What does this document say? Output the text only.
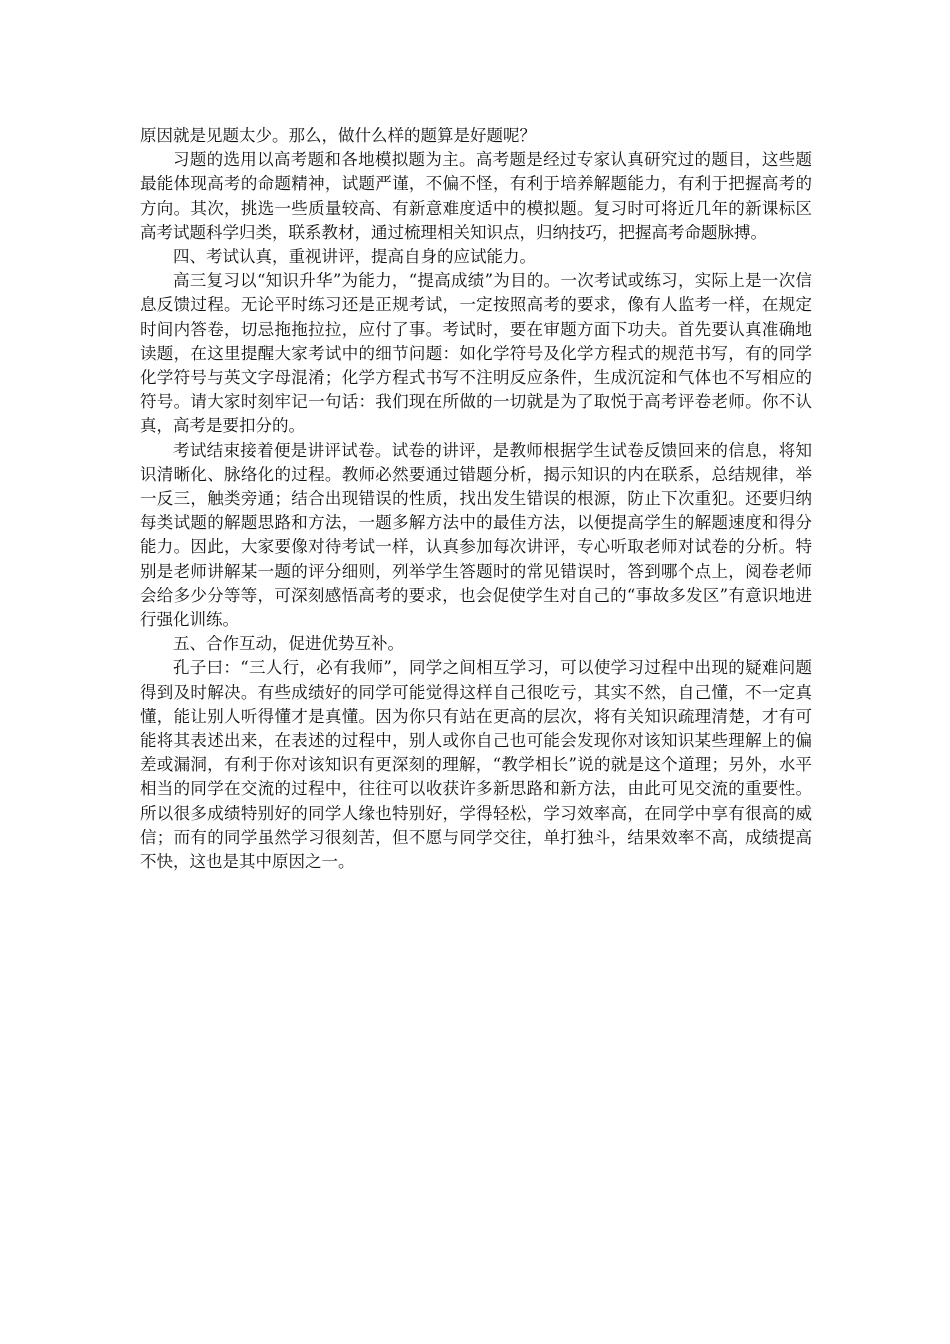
原因就是见题太少。那么，做什么样的题算是好题呢？

习题的选用以高考题和各地模拟题为主。高考题是经过专家认真研究过的题目，这些题最能体现高考的命题精神，试题严谨，不偏不怪，有利于培养解题能力，有利于把握高考的方向。其次，挑选一些质量较高、有新意难度适中的模拟题。复习时可将近几年的新课标区高考试题科学归类，联系教材，通过梳理相关知识点，归纳技巧，把握高考命题脉搏。

四、考试认真，重视讲评，提高自身的应试能力。

高三复习以“知识升华”为能力，“提高成绩”为目的。一次考试或练习，实际上是一次信息反馈过程。无论平时练习还是正规考试，一定按照高考的要求，像有人监考一样，在规定时间内答卷，切忌拖拖拉拉，应付了事。考试时，要在审题方面下功夫。首先要认真准确地读题，在这里提醒大家考试中的细节问题：如化学符号及化学方程式的规范书写，有的同学化学符号与英文字母混淆；化学方程式书写不注明反应条件，生成沉淀和气体也不写相应的符号。请大家时刻牢记一句话：我们现在所做的一切就是为了取悦于高考评卷老师。你不认真，高考是要扣分的。

考试结束接着便是讲评试卷。试卷的讲评，是教师根据学生试卷反馈回来的信息，将知识清晰化、脉络化的过程。教师必然要通过错题分析，揭示知识的内在联系，总结规律，举一反三，触类旁通；结合出现错误的性质，找出发生错误的根源，防止下次重犯。还要归纳每类试题的解题思路和方法，一题多解方法中的最佳方法，以便提高学生的解题速度和得分能力。因此，大家要像对待考试一样，认真参加每次讲评，专心听取老师对试卷的分析。特别是老师讲解某一题的评分细则，列举学生答题时的常见错误时，答到哪个点上，阅卷老师会给多少分等等，可深刻感悟高考的要求，也会促使学生对自己的“事故多发区”有意识地进行强化训练。

五、合作互动，促进优势互补。

孔子曰：“三人行，必有我师”，同学之间相互学习，可以使学习过程中出现的疑难问题得到及时解决。有些成绩好的同学可能觉得这样自己很吃亏，其实不然，自己懂，不一定真懂，能让别人听得懂才是真懂。因为你只有站在更高的层次，将有关知识疏理清楚，才有可能将其表述出来，在表述的过程中，别人或你自己也可能会发现你对该知识某些理解上的偏差或漏洞，有利于你对该知识有更深刻的理解，“教学相长”说的就是这个道理；另外，水平相当的同学在交流的过程中，往往可以收获许多新思路和新方法，由此可见交流的重要性。所以很多成绩特别好的同学人缘也特别好，学得轻松，学习效率高，在同学中享有很高的威信；而有的同学虽然学习很刻苦，但不愿与同学交往，单打独斗，结果效率不高，成绩提高不快，这也是其中原因之一。
